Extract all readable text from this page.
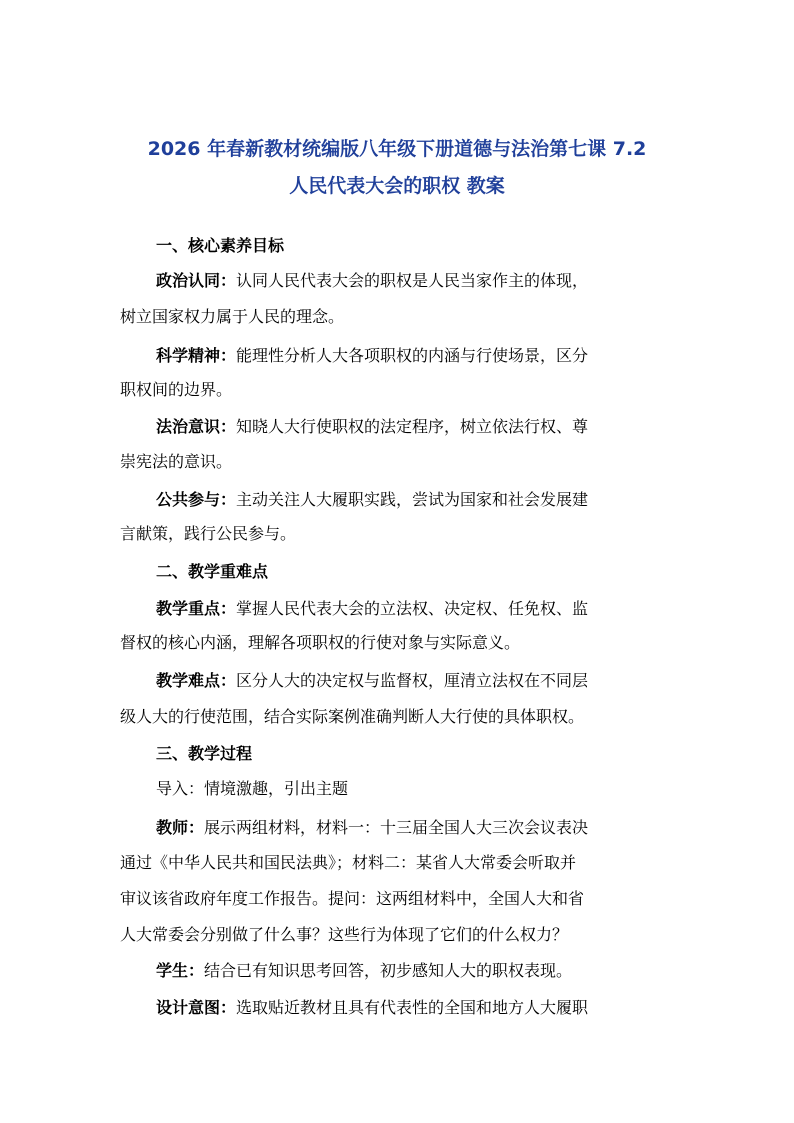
2026 年春新教材统编版八年级下册道德与法治第七课 7.2
人民代表大会的职权 教案
一、核心素养目标
政治认同：认同人民代表大会的职权是人民当家作主的体现，
树立国家权力属于人民的理念。
科学精神：能理性分析人大各项职权的内涵与行使场景，区分
职权间的边界。
法治意识：知晓人大行使职权的法定程序，树立依法行权、尊
崇宪法的意识。
公共参与：主动关注人大履职实践，尝试为国家和社会发展建
言献策，践行公民参与。
二、教学重难点
教学重点：掌握人民代表大会的立法权、决定权、任免权、监
督权的核心内涵，理解各项职权的行使对象与实际意义。
教学难点：区分人大的决定权与监督权，厘清立法权在不同层
级人大的行使范围，结合实际案例准确判断人大行使的具体职权。
三、教学过程
导入：情境激趣，引出主题
教师：展示两组材料，材料一：十三届全国人大三次会议表决
通过《中华人民共和国民法典》；材料二：某省人大常委会听取并
审议该省政府年度工作报告。提问：这两组材料中，全国人大和省
人大常委会分别做了什么事？这些行为体现了它们的什么权力？
学生：结合已有知识思考回答，初步感知人大的职权表现。
设计意图：选取贴近教材且具有代表性的全国和地方人大履职
